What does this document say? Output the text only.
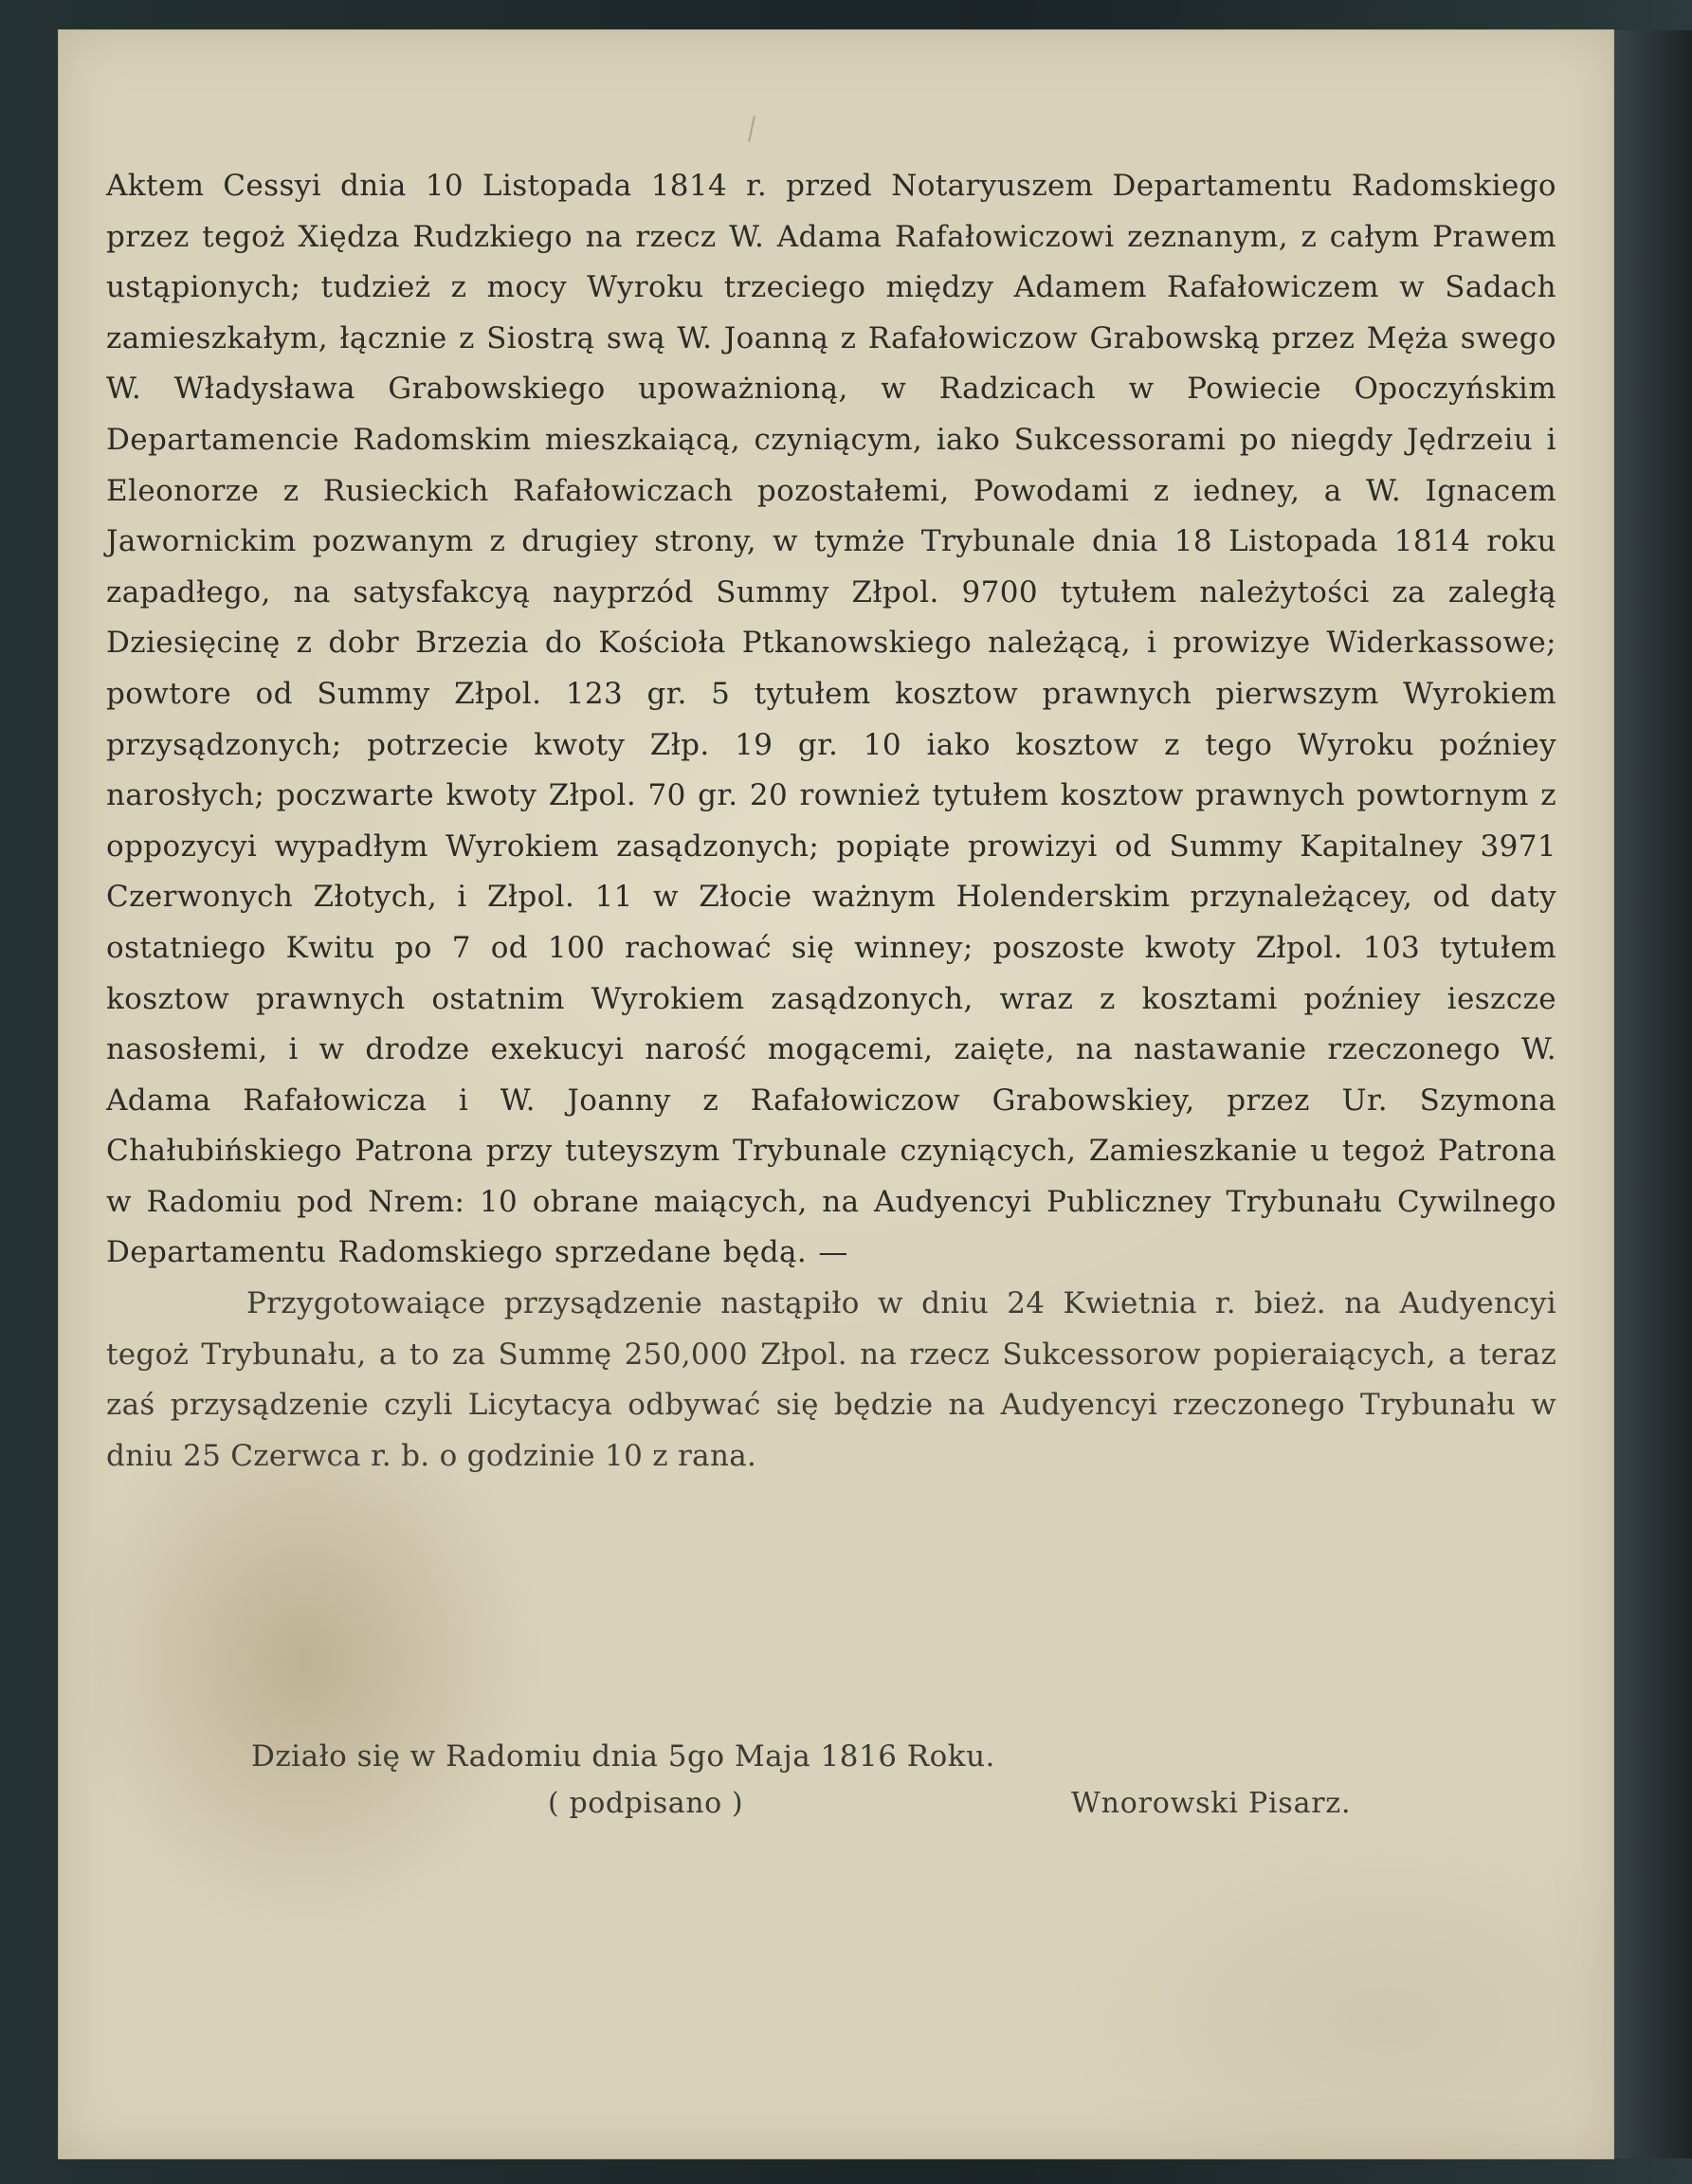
Aktem Cessyi dnia 10 Listopada 1814 r. przed Notaryuszem Departamentu Radomskiego przez tegoż Xiędza Rudzkiego na rzecz W. Adama Rafałowiczowi zeznanym, z całym Prawem ustąpionych; tudzież z mocy Wyroku trzeciego między Adamem Rafałowiczem w Sadach zamieszkałym, łącznie z Siostrą swą W. Joanną z Rafałowiczow Grabowską przez Męża swego W. Władysława Grabowskiego upoważnioną, w Radzicach w Powiecie Opoczyńskim Departamencie Radomskim mieszkaiącą, czyniącym, iako Sukcessorami po niegdy Jędrzeiu i Eleonorze z Rusieckich Rafałowiczach pozostałemi, Powodami z iedney, a W. Ignacem Jawornickim pozwanym z drugiey strony, w tymże Trybunale dnia 18 Listopada 1814 roku zapadłego, na satysfakcyą nayprzód Summy Złpol. 9700 tytułem należytości za zaległą Dziesięcinę z dobr Brzezia do Kościoła Ptkanowskiego należącą, i prowizye Widerkassowe; powtore od Summy Złpol. 123 gr. 5 tytułem kosztow prawnych pierwszym Wyrokiem przysądzonych; potrzecie kwoty Złp. 19 gr. 10 iako kosztow z tego Wyroku poźniey narosłych; poczwarte kwoty Złpol. 70 gr. 20 rownież tytułem kosztow prawnych powtornym z oppozycyi wypadłym Wyrokiem zasądzonych; popiąte prowizyi od Summy Kapitalney 3971 Czerwonych Złotych, i Złpol. 11 w Złocie ważnym Holenderskim przynależącey, od daty ostatniego Kwitu po 7 od 100 rachować się winney; poszoste kwoty Złpol. 103 tytułem kosztow prawnych ostatnim Wyrokiem zasądzonych, wraz z kosztami poźniey ieszcze nasosłemi, i w drodze exekucyi narość mogącemi, zaięte, na nastawanie rzeczonego W. Adama Rafałowicza i W. Joanny z Rafałowiczow Grabowskiey, przez Ur. Szymona Chałubińskiego Patrona przy tuteyszym Trybunale czyniących, Zamieszkanie u tegoż Patrona w Radomiu pod Nrem: 10 obrane maiących, na Audyencyi Publiczney Trybunału Cywilnego Departamentu Radomskiego sprzedane będą. —

Przygotowaiące przysądzenie nastąpiło w dniu 24 Kwietnia r. bież. na Audyencyi tegoż Trybunału, a to za Summę 250,000 Złpol. na rzecz Sukcessorow popieraiących, a teraz zaś przysądzenie czyli Licytacya odbywać się będzie na Audyencyi rzeczonego Trybunału w dniu 25 Czerwca r. b. o godzinie 10 z rana.

Działo się w Radomiu dnia 5go Maja 1816 Roku.
( podpisano )	Wnorowski Pisarz.
